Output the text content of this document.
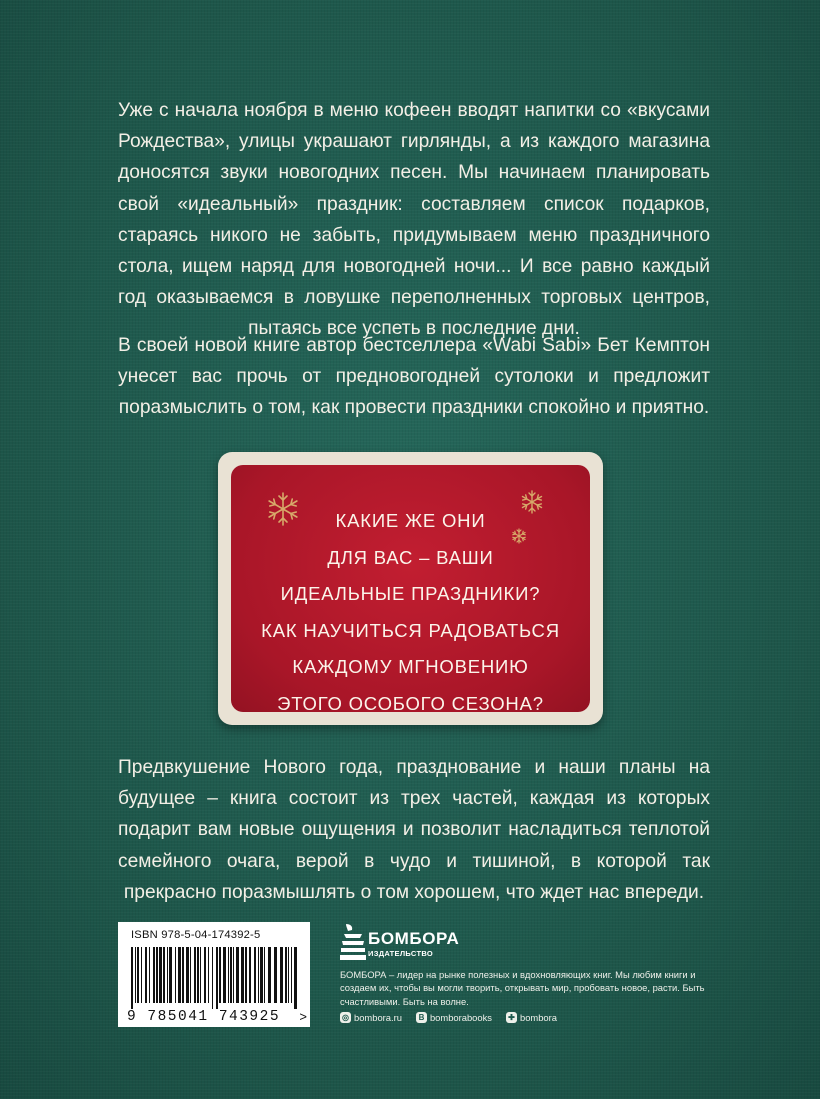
Уже с начала ноября в меню кофеен вводят напитки со «вкусами Рождества», улицы украшают гирлянды, а из каждого магазина доносятся звуки новогодних песен. Мы начинаем планировать свой «идеальный» праздник: составляем список подарков, стараясь никого не забыть, придумываем меню праздничного стола, ищем наряд для новогодней ночи... И все равно каждый год оказываемся в ловушке переполненных торговых центров, пытаясь все успеть в последние дни.

В своей новой книге автор бестселлера «Wabi Sabi» Бет Кемптон унесет вас прочь от предновогодней сутолоки и предложит поразмыслить о том, как провести праздники спокойно и приятно.

КАКИЕ ЖЕ ОНИ
ДЛЯ ВАС – ВАШИ
ИДЕАЛЬНЫЕ ПРАЗДНИКИ?
КАК НАУЧИТЬСЯ РАДОВАТЬСЯ
КАЖДОМУ МГНОВЕНИЮ
ЭТОГО ОСОБОГО СЕЗОНА?

Предвкушение Нового года, празднование и наши планы на будущее – книга состоит из трех частей, каждая из которых подарит вам новые ощущения и позволит насладиться теплотой семейного очага, верой в чудо и тишиной, в которой так прекрасно поразмышлять о том хорошем, что ждет нас впереди.

ISBN 978-5-04-174392-5
9 785041 743925 >
БОМБОРА
ИЗДАТЕЛЬСТВО

БОМБОРА – лидер на рынке полезных и вдохновляющих книг. Мы любим книги и создаем их, чтобы вы могли творить, открывать мир, пробовать новое, расти. Быть счастливыми. Быть на волне.

◎ bombora.ru	В bomborabooks ✚ bombora
